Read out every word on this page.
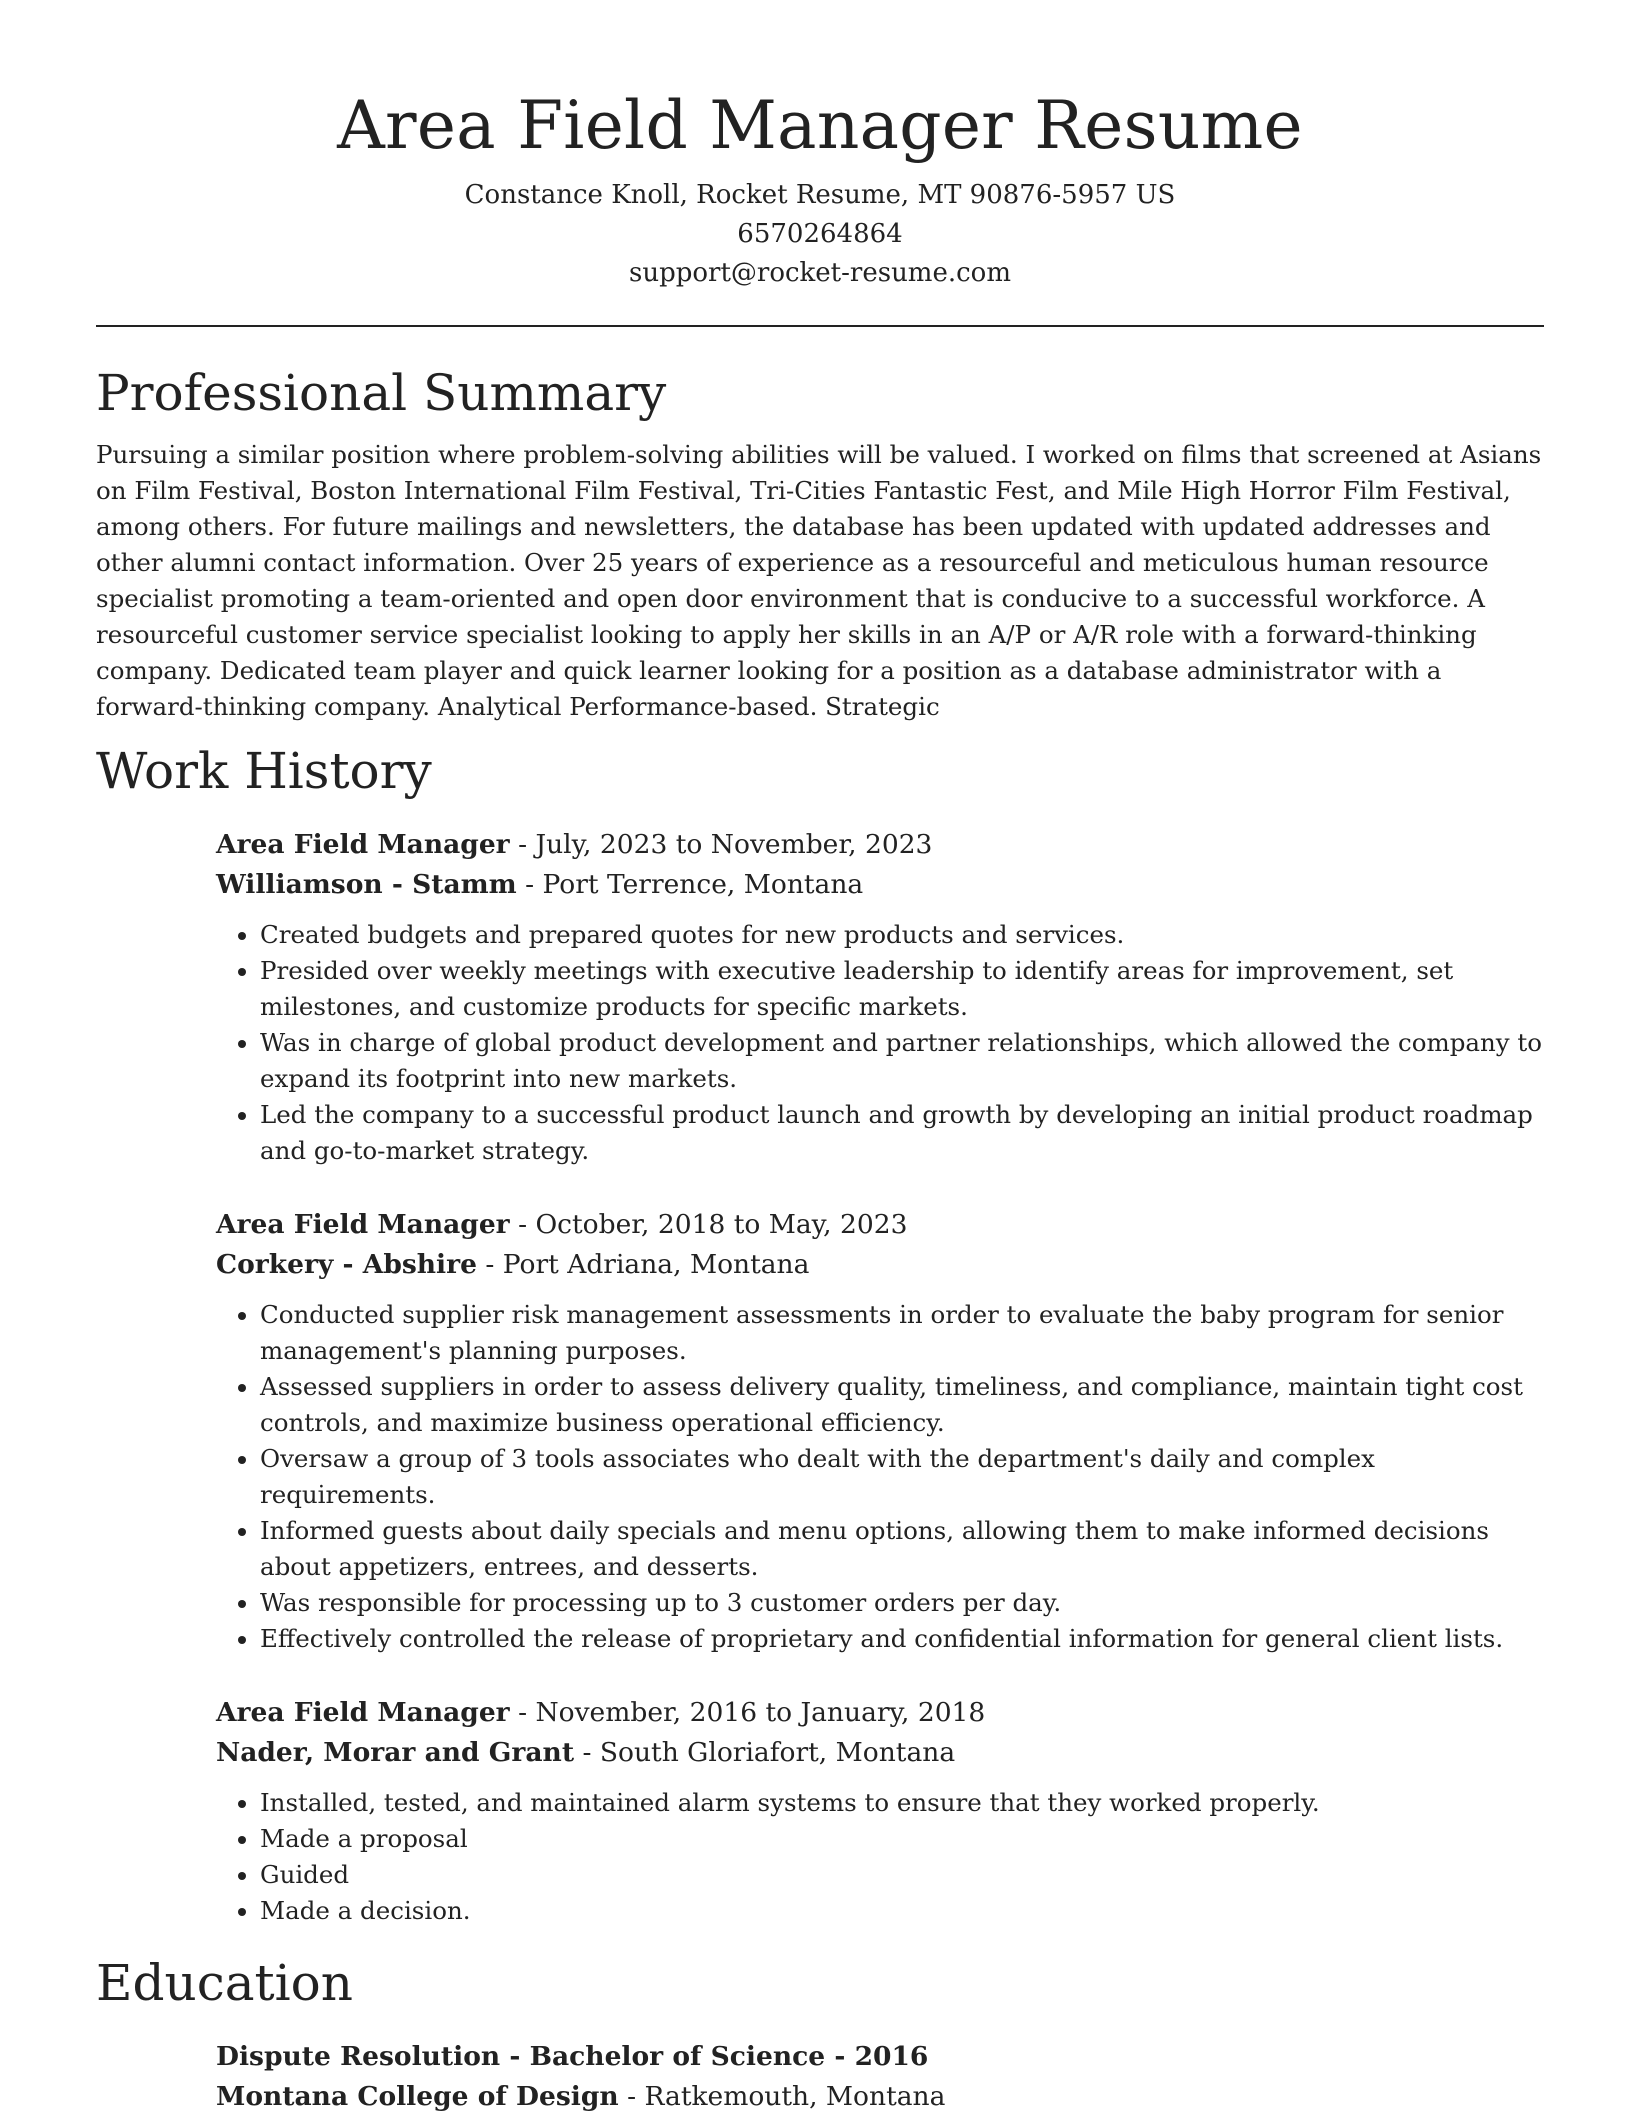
Area Field Manager Resume

Constance Knoll, Rocket Resume, MT 90876-5957 US

6570264864

support@rocket-resume.com

Professional Summary

Pursuing a similar position where problem-solving abilities will be valued. I worked on films that screened at Asians on Film Festival, Boston International Film Festival, Tri-Cities Fantastic Fest, and Mile High Horror Film Festival, among others. For future mailings and newsletters, the database has been updated with updated addresses and other alumni contact information. Over 25 years of experience as a resourceful and meticulous human resource specialist promoting a team-oriented and open door environment that is conducive to a successful workforce. A resourceful customer service specialist looking to apply her skills in an A/P or A/R role with a forward-thinking company. Dedicated team player and quick learner looking for a position as a database administrator with a forward-thinking company. Analytical Performance-based. Strategic

Work History

Area Field Manager - July, 2023 to November, 2023

Williamson - Stamm - Port Terrence, Montana

• Created budgets and prepared quotes for new products and services.
• Presided over weekly meetings with executive leadership to identify areas for improvement, set milestones, and customize products for specific markets.
• Was in charge of global product development and partner relationships, which allowed the company to expand its footprint into new markets.
• Led the company to a successful product launch and growth by developing an initial product roadmap and go-to-market strategy.

Area Field Manager - October, 2018 to May, 2023

Corkery - Abshire - Port Adriana, Montana

• Conducted supplier risk management assessments in order to evaluate the baby program for senior management's planning purposes.
• Assessed suppliers in order to assess delivery quality, timeliness, and compliance, maintain tight cost controls, and maximize business operational efficiency.
• Oversaw a group of 3 tools associates who dealt with the department's daily and complex requirements.
• Informed guests about daily specials and menu options, allowing them to make informed decisions about appetizers, entrees, and desserts.
• Was responsible for processing up to 3 customer orders per day.
• Effectively controlled the release of proprietary and confidential information for general client lists.

Area Field Manager - November, 2016 to January, 2018

Nader, Morar and Grant - South Gloriafort, Montana

• Installed, tested, and maintained alarm systems to ensure that they worked properly.
• Made a proposal
• Guided
• Made a decision.
Education

Dispute Resolution - Bachelor of Science - 2016

Montana College of Design - Ratkemouth, Montana
